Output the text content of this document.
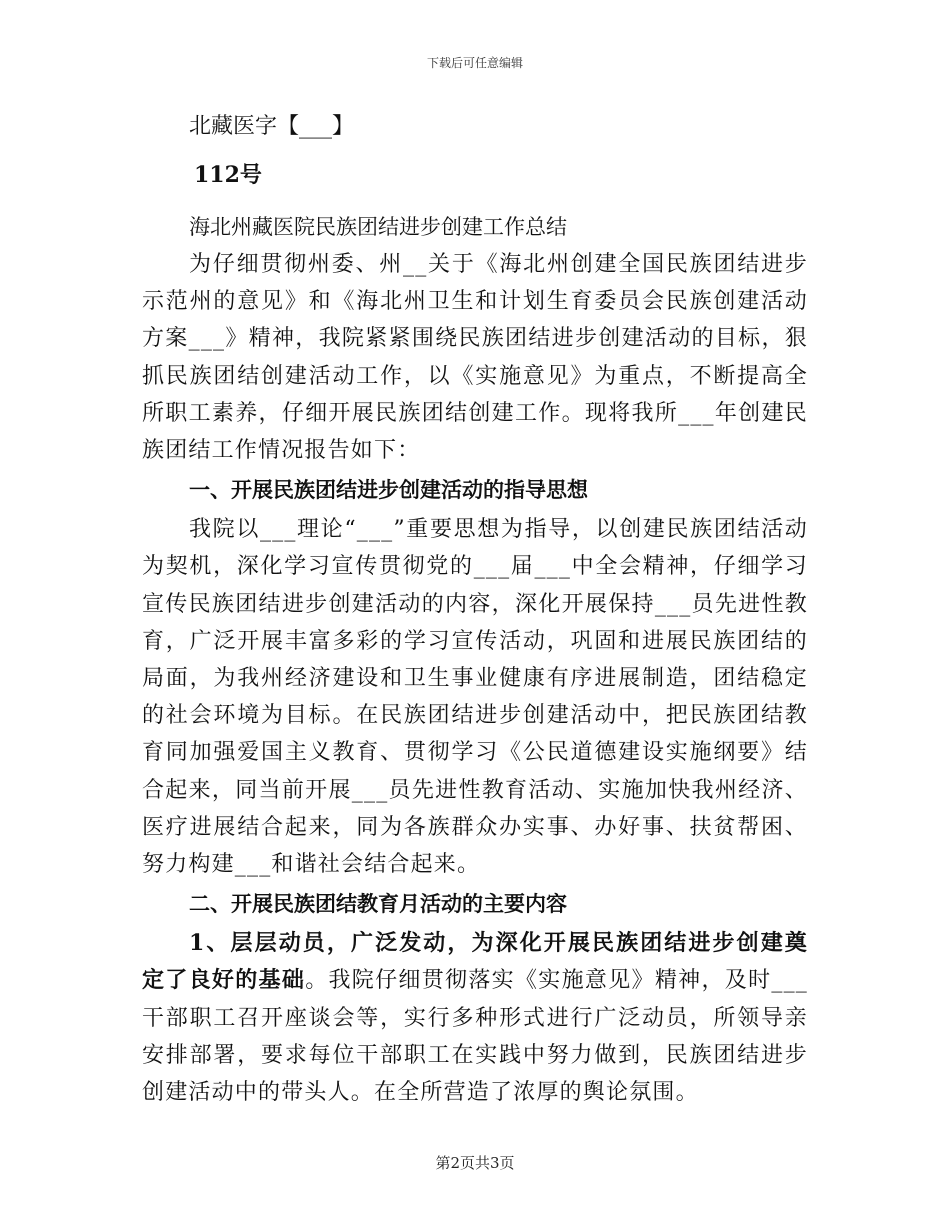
下载后可任意编辑
北藏医字【___】
112号
海北州藏医院民族团结进步创建工作总结
为仔细贯彻州委、州__关于《海北州创建全国民族团结进步示范州的意见》和《海北州卫生和计划生育委员会民族创建活动方案___》精神，我院紧紧围绕民族团结进步创建活动的目标，狠抓民族团结创建活动工作，以《实施意见》为重点，不断提高全所职工素养，仔细开展民族团结创建工作。现将我所___年创建民族团结工作情况报告如下：
一、开展民族团结进步创建活动的指导思想
我院以___理论“___”重要思想为指导，以创建民族团结活动为契机，深化学习宣传贯彻党的___届___中全会精神，仔细学习宣传民族团结进步创建活动的内容，深化开展保持___员先进性教育，广泛开展丰富多彩的学习宣传活动，巩固和进展民族团结的局面，为我州经济建设和卫生事业健康有序进展制造，团结稳定的社会环境为目标。在民族团结进步创建活动中，把民族团结教育同加强爱国主义教育、贯彻学习《公民道德建设实施纲要》结合起来，同当前开展___员先进性教育活动、实施加快我州经济、医疗进展结合起来，同为各族群众办实事、办好事、扶贫帮困、努力构建___和谐社会结合起来。
二、开展民族团结教育月活动的主要内容
1、层层动员，广泛发动，为深化开展民族团结进步创建奠定了良好的基础。我院仔细贯彻落实《实施意见》精神，及时___干部职工召开座谈会等，实行多种形式进行广泛动员，所领导亲安排部署，要求每位干部职工在实践中努力做到，民族团结进步创建活动中的带头人。在全所营造了浓厚的舆论氛围。
第2页共3页
